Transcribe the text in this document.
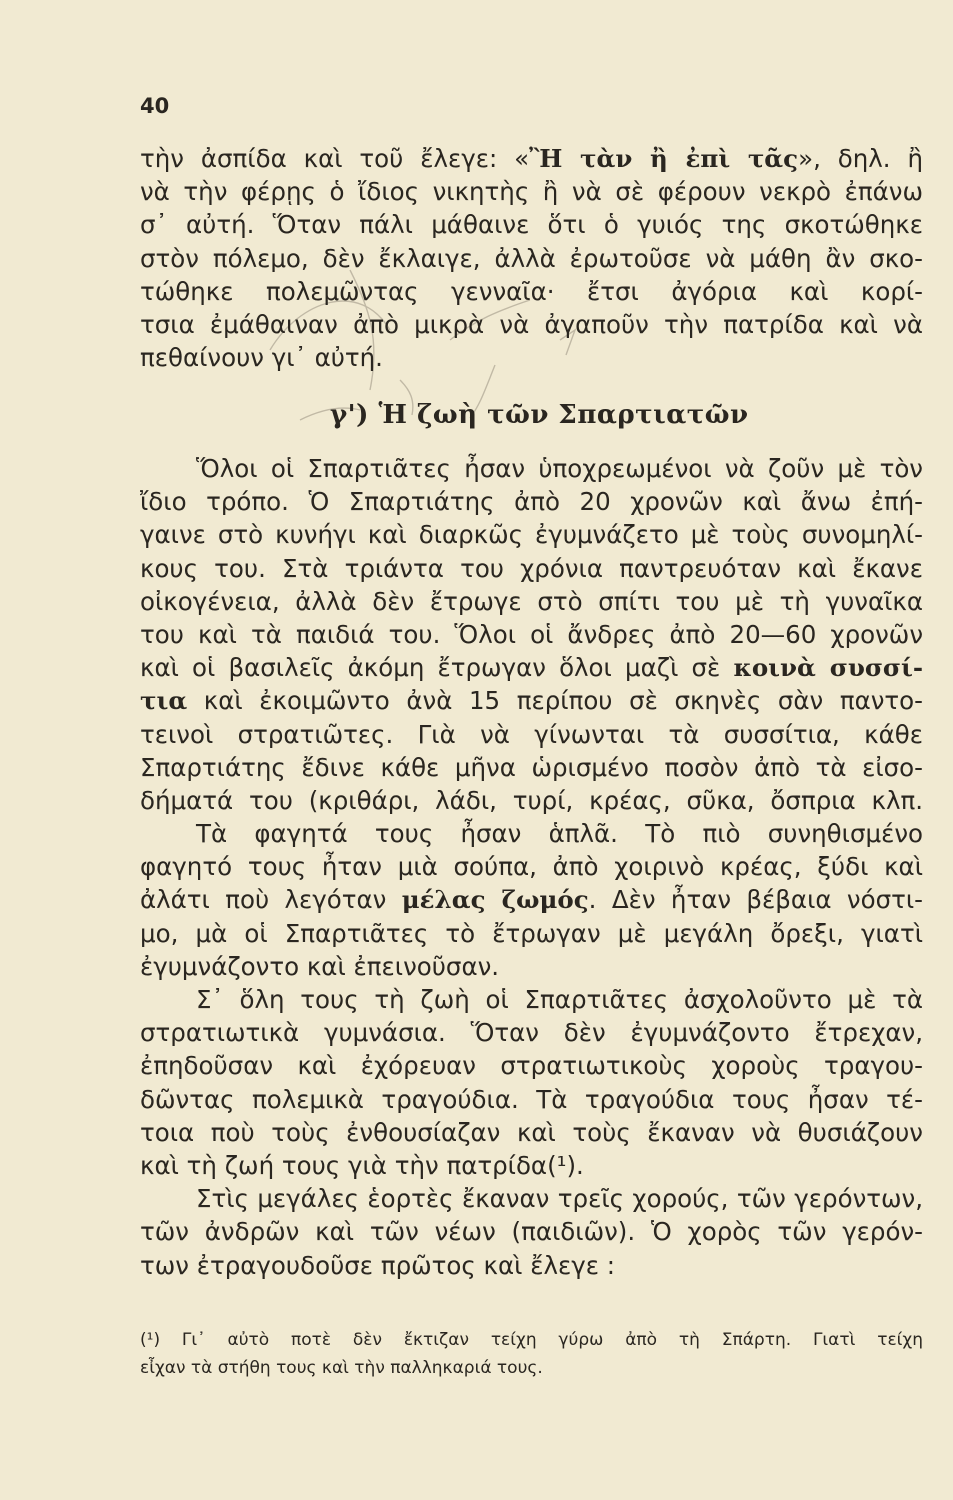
40
τὴν ἀσπίδα καὶ τοῦ ἔλεγε: «Ἢ τὰν ἢ ἐπὶ τᾶς», δηλ. ἢ
νὰ τὴν φέρῃς ὁ ἴδιος νικητὴς ἢ νὰ σὲ φέρουν νεκρὸ ἐπάνω
σ᾽ αὐτή. Ὅταν πάλι μάθαινε ὅτι ὁ γυιός της σκοτώθηκε
στὸν πόλεμο, δὲν ἔκλαιγε, ἀλλὰ ἐρωτοῦσε νὰ μάθη ἂν σκο-
τώθηκε πολεμῶντας γενναῖα· ἔτσι ἀγόρια καὶ κορί-
τσια ἐμάθαιναν ἀπὸ μικρὰ νὰ ἀγαποῦν τὴν πατρίδα καὶ νὰ
πεθαίνουν γι᾽ αὐτή.
γ') Ἡ ζωὴ τῶν Σπαρτιατῶν
Ὅλοι οἱ Σπαρτιᾶτες ἦσαν ὑποχρεωμένοι νὰ ζοῦν μὲ τὸν
ἴδιο τρόπο. Ὁ Σπαρτιάτης ἀπὸ 20 χρονῶν καὶ ἄνω ἐπή-
γαινε στὸ κυνήγι καὶ διαρκῶς ἐγυμνάζετο μὲ τοὺς συνομηλί-
κους του. Στὰ τριάντα του χρόνια παντρευόταν καὶ ἔκανε
οἰκογένεια, ἀλλὰ δὲν ἔτρωγε στὸ σπίτι του μὲ τὴ γυναῖκα
του καὶ τὰ παιδιά του. Ὅλοι οἱ ἄνδρες ἀπὸ 20—60 χρονῶν
καὶ οἱ βασιλεῖς ἀκόμη ἔτρωγαν ὅλοι μαζὶ σὲ κοινὰ συσσί-
τια καὶ ἐκοιμῶντο ἀνὰ 15 περίπου σὲ σκηνὲς σὰν παντο-
τεινοὶ στρατιῶτες. Γιὰ νὰ γίνωνται τὰ συσσίτια, κάθε
Σπαρτιάτης ἔδινε κάθε μῆνα ὡρισμένο ποσὸν ἀπὸ τὰ εἰσο-
δήματά του (κριθάρι, λάδι, τυρί, κρέας, σῦκα, ὄσπρια κλπ.
Τὰ φαγητά τους ἦσαν ἁπλᾶ. Τὸ πιὸ συνηθισμένο
φαγητό τους ἦταν μιὰ σούπα, ἀπὸ χοιρινὸ κρέας, ξύδι καὶ
ἀλάτι ποὺ λεγόταν μέλας ζωμός. Δὲν ἦταν βέβαια νόστι-
μο, μὰ οἱ Σπαρτιᾶτες τὸ ἔτρωγαν μὲ μεγάλη ὄρεξι, γιατὶ
ἐγυμνάζοντο καὶ ἐπεινοῦσαν.
Σ᾽ ὅλη τους τὴ ζωὴ οἱ Σπαρτιᾶτες ἀσχολοῦντο μὲ τὰ
στρατιωτικὰ γυμνάσια. Ὅταν δὲν ἐγυμνάζοντο ἔτρεχαν,
ἐπηδοῦσαν καὶ ἐχόρευαν στρατιωτικοὺς χοροὺς τραγου-
δῶντας πολεμικὰ τραγούδια. Τὰ τραγούδια τους ἦσαν τέ-
τοια ποὺ τοὺς ἐνθουσίαζαν καὶ τοὺς ἔκαναν νὰ θυσιάζουν
καὶ τὴ ζωή τους γιὰ τὴν πατρίδα(¹).
Στὶς μεγάλες ἑορτὲς ἔκαναν τρεῖς χορούς, τῶν γερόντων,
τῶν ἀνδρῶν καὶ τῶν νέων (παιδιῶν). Ὁ χορὸς τῶν γερόν-
των ἐτραγουδοῦσε πρῶτος καὶ ἔλεγε :
(¹) Γι᾽ αὐτὸ ποτὲ δὲν ἔκτιζαν τείχη γύρω ἀπὸ τὴ Σπάρτη. Γιατὶ τείχη
εἶχαν τὰ στήθη τους καὶ τὴν παλληκαριά τους.
